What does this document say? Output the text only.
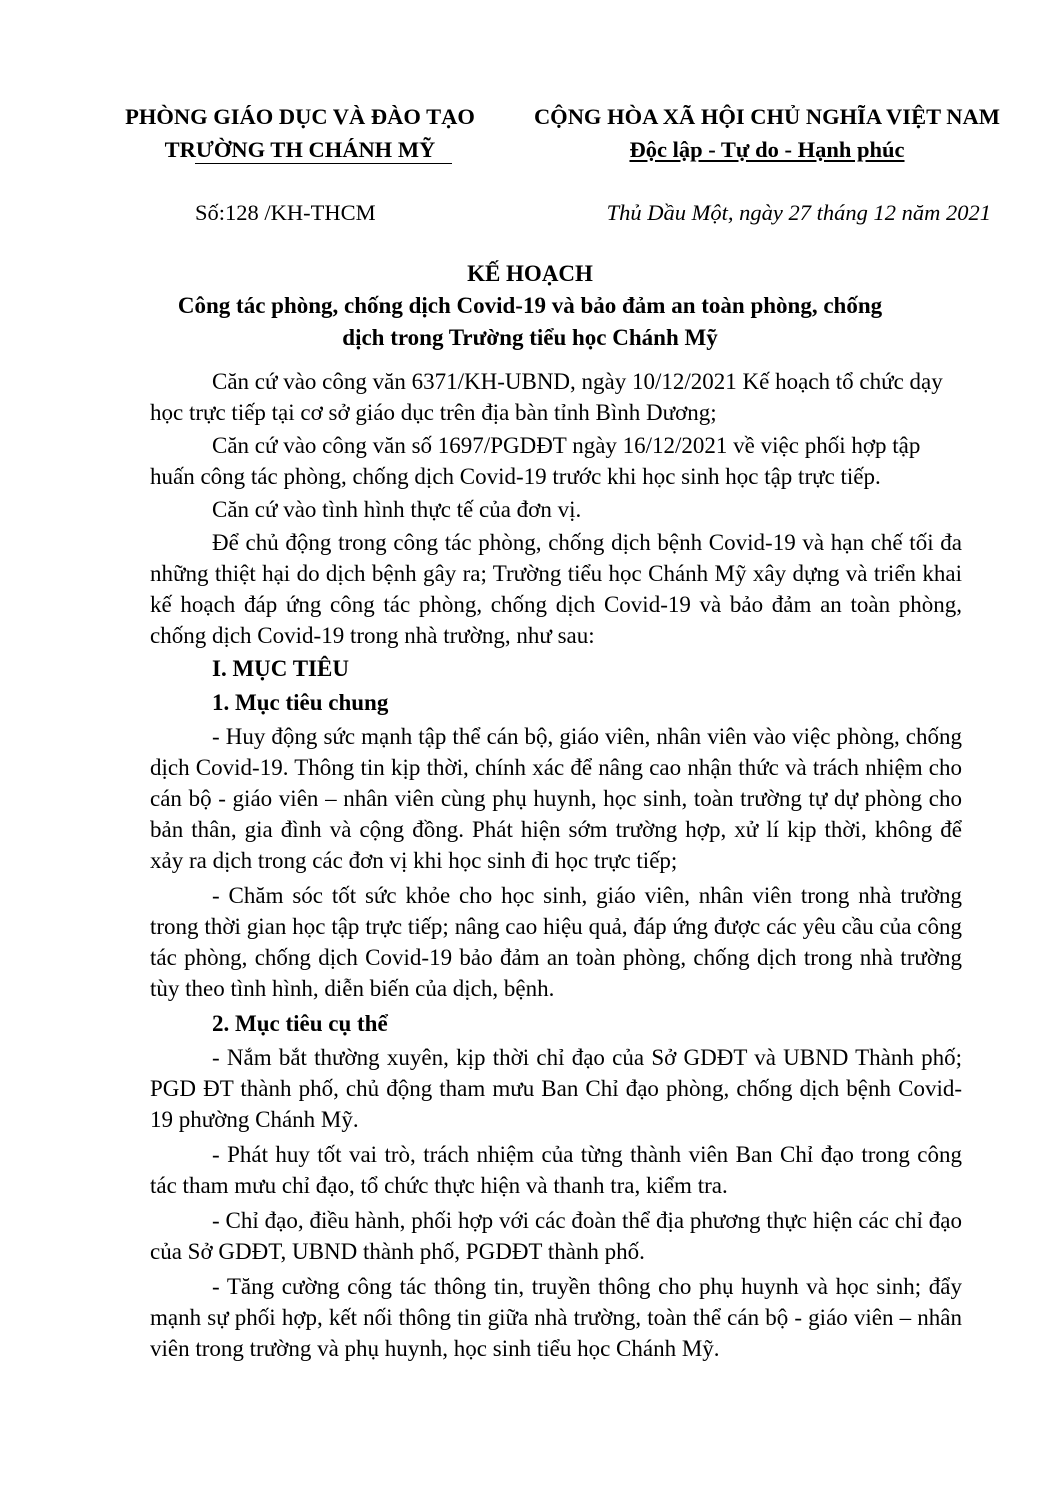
PHÒNG GIÁO DỤC VÀ ĐÀO TẠO
TRƯỜNG TH CHÁNH MỸ
CỘNG HÒA XÃ HỘI CHỦ NGHĨA VIỆT NAM
Độc lập - Tự do - Hạnh phúc
Số:128 /KH-THCM	Thủ Dầu Một, ngày 27 tháng 12 năm 2021
KẾ HOẠCH
Công tác phòng, chống dịch Covid-19 và bảo đảm an toàn phòng, chống
dịch trong Trường tiểu học Chánh Mỹ

Căn cứ vào công văn 6371/KH-UBND, ngày 10/12/2021 Kế hoạch tổ chức dạy học trực tiếp tại cơ sở giáo dục trên địa bàn tỉnh Bình Dương;

Căn cứ vào công văn số 1697/PGDĐT ngày 16/12/2021 về việc phối hợp tập huấn công tác phòng, chống dịch Covid-19 trước khi học sinh học tập trực tiếp.

Căn cứ vào tình hình thực tế của đơn vị.

Để chủ động trong công tác phòng, chống dịch bệnh Covid-19 và hạn chế tối đa những thiệt hại do dịch bệnh gây ra; Trường tiểu học Chánh Mỹ xây dựng và triển khai kế hoạch đáp ứng công tác phòng, chống dịch Covid-19 và bảo đảm an toàn phòng, chống dịch Covid-19 trong nhà trường, như sau:

I. MỤC TIÊU

1. Mục tiêu chung

- Huy động sức mạnh tập thể cán bộ, giáo viên, nhân viên vào việc phòng, chống dịch Covid-19. Thông tin kịp thời, chính xác để nâng cao nhận thức và trách nhiệm cho cán bộ - giáo viên – nhân viên cùng phụ huynh, học sinh, toàn trường tự dự phòng cho bản thân, gia đình và cộng đồng. Phát hiện sớm trường hợp, xử lí kịp thời, không để xảy ra dịch trong các đơn vị khi học sinh đi học trực tiếp;

- Chăm sóc tốt sức khỏe cho học sinh, giáo viên, nhân viên trong nhà trường trong thời gian học tập trực tiếp; nâng cao hiệu quả, đáp ứng được các yêu cầu của công tác phòng, chống dịch Covid-19 bảo đảm an toàn phòng, chống dịch trong nhà trường tùy theo tình hình, diễn biến của dịch, bệnh.

2. Mục tiêu cụ thể

- Nắm bắt thường xuyên, kịp thời chỉ đạo của Sở GDĐT và UBND Thành phố; PGD ĐT thành phố, chủ động tham mưu Ban Chỉ đạo phòng, chống dịch bệnh Covid-19 phường Chánh Mỹ.

- Phát huy tốt vai trò, trách nhiệm của từng thành viên Ban Chỉ đạo trong công tác tham mưu chỉ đạo, tổ chức thực hiện và thanh tra, kiểm tra.

- Chỉ đạo, điều hành, phối hợp với các đoàn thể địa phương thực hiện các chỉ đạo của Sở GDĐT, UBND thành phố, PGDĐT thành phố.

- Tăng cường công tác thông tin, truyền thông cho phụ huynh và học sinh; đẩy mạnh sự phối hợp, kết nối thông tin giữa nhà trường, toàn thể cán bộ - giáo viên – nhân viên trong trường và phụ huynh, học sinh tiểu học Chánh Mỹ.
